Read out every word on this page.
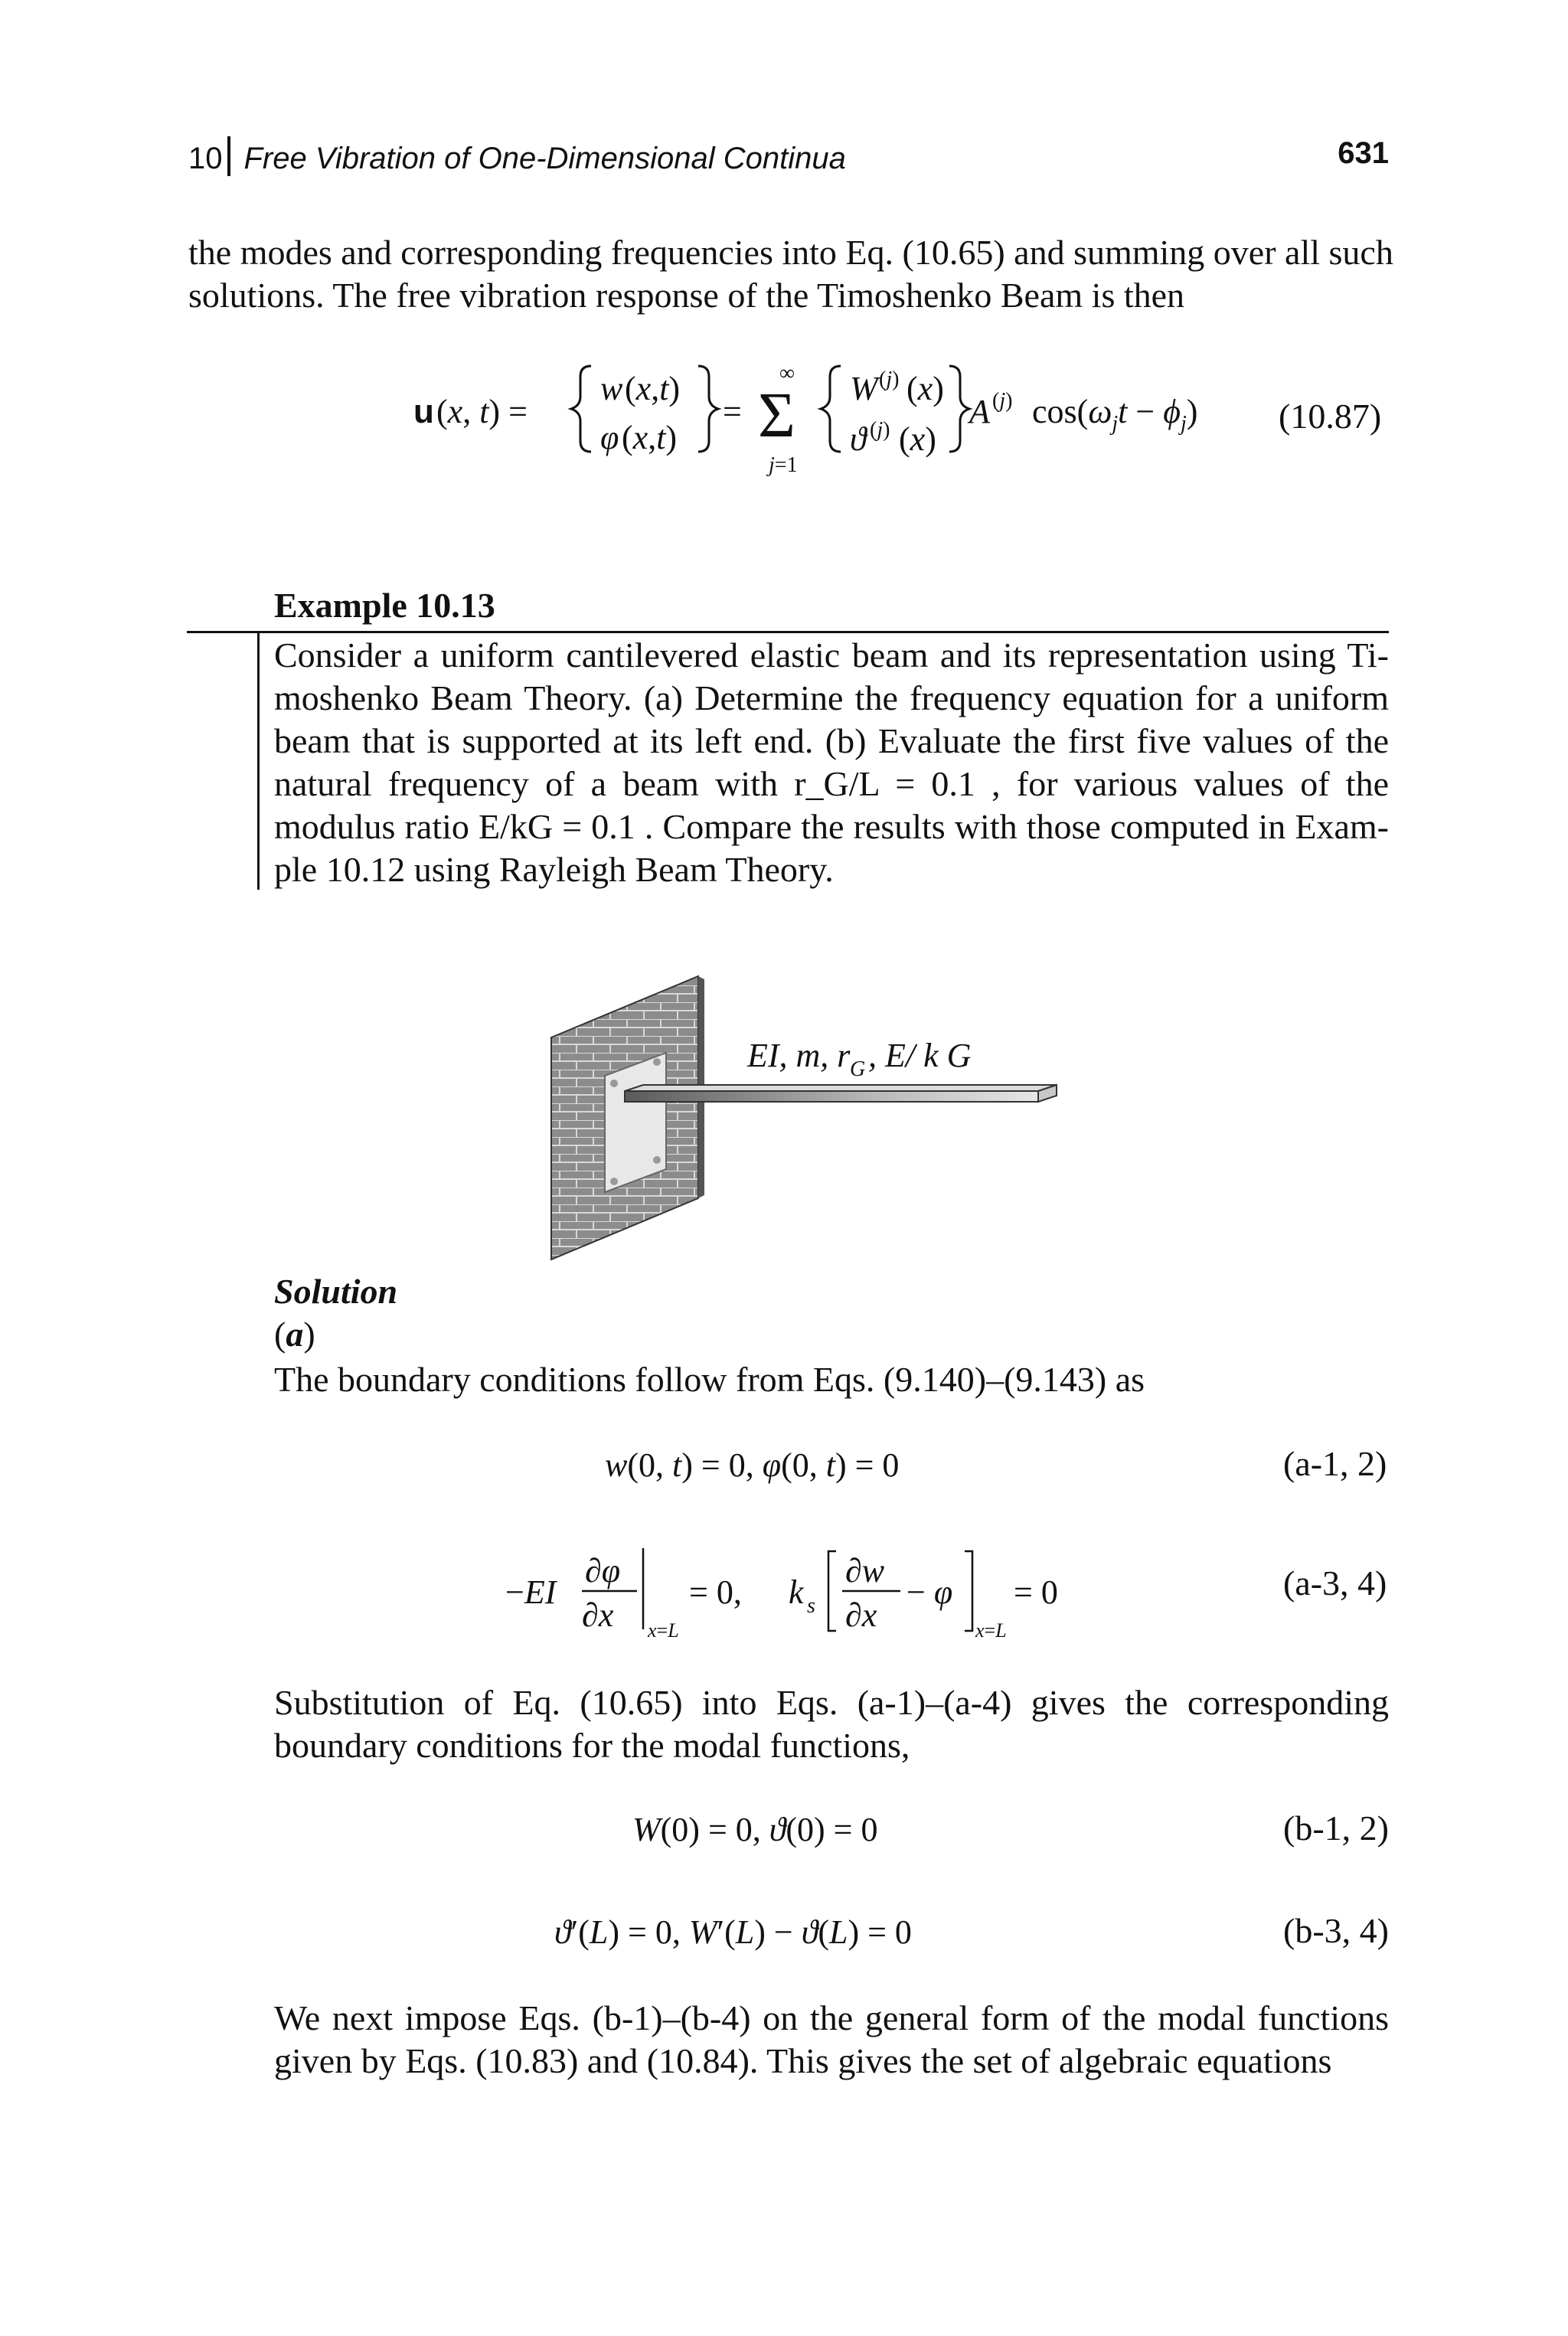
10 Free Vibration of One-Dimensional Continua	631
the modes and corresponding frequencies into Eq. (10.65) and summing over all such
solutions. The free vibration response of the Timoshenko Beam is then
u (x, t) =
w (x,t)
φ (x,t)
= Σ
∞
j=1
W (j) (x)
ϑ (j) (x)
A (j) $\cos(\omega_jt - \phi_j)$ (10.87)
Example 10.13
Consider a uniform cantilevered elastic beam and its representation using Ti-
moshenko Beam Theory. (a) Determine the frequency equation for a uniform
beam that is supported at its left end. (b) Evaluate the first five values of the
natural frequency of a beam with r_G/L = 0.1 , for various values of the
modulus ratio E/kG = 0.1 . Compare the results with those computed in Exam-
ple 10.12 using Rayleigh Beam Theory.
EI, m, r G , E/ k G
Solution
(a)
The boundary conditions follow from Eqs. (9.140)–(9.143) as
w(0, t) = 0, φ(0, t) = 0	(a-1, 2)
−EI
∂φ
∂x x=L
= 0, k s
∂w
∂x
− φ
x=L
= 0	(a-3, 4)
Substitution of Eq. (10.65) into Eqs. (a-1)–(a-4) gives the corresponding
boundary conditions for the modal functions,
W(0) = 0, ϑ(0) = 0	(b-1, 2)
ϑ′(L) = 0, W′(L) − ϑ(L) = 0	(b-3, 4)
We next impose Eqs. (b-1)–(b-4) on the general form of the modal functions
given by Eqs. (10.83) and (10.84). This gives the set of algebraic equations
